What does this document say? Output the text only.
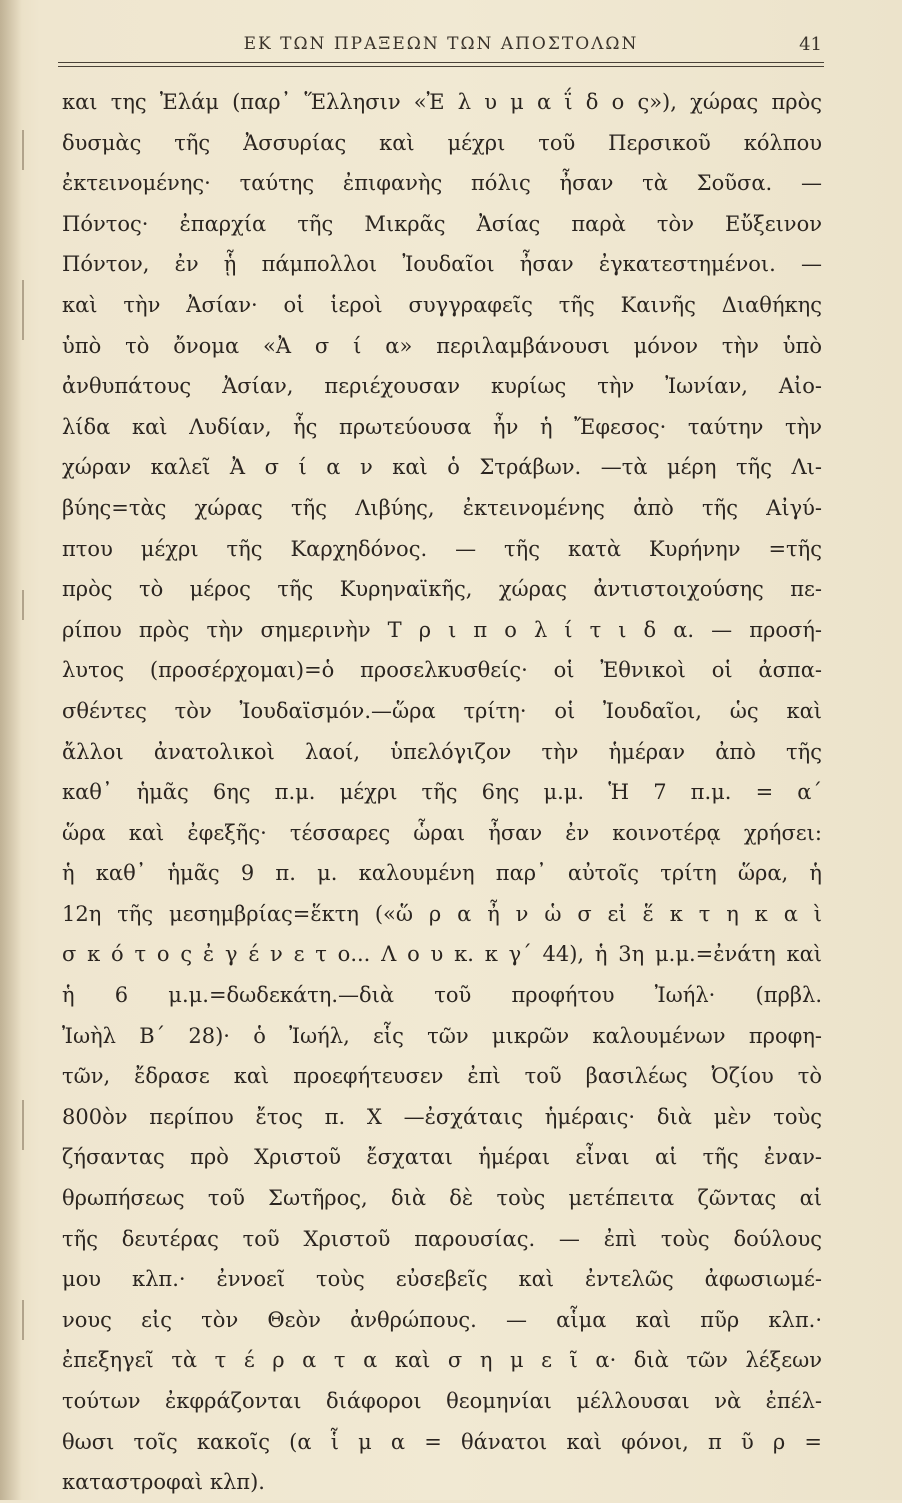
ΕΚ ΤΩΝ ΠΡΑΞΕΩΝ ΤΩΝ ΑΠΟΣΤΟΛΩΝ	41
και της Ἐλάμ (παρ᾽ Ἕλλησιν «Ἐ λ υ μ α ΐ δ ο ς»), χώρας πρὸς
δυσμὰς τῆς Ἀσσυρίας καὶ μέχρι τοῦ Περσικοῦ κόλπου
ἐκτεινομένης· ταύτης ἐπιφανὴς πόλις ἦσαν τὰ Σοῦσα. —
Πόντος· ἐπαρχία τῆς Μικρᾶς Ἀσίας παρὰ τὸν Εὔξεινον
Πόντον, ἐν ᾗ πάμπολλοι Ἰουδαῖοι ἦσαν ἐγκατεστημένοι. —
καὶ τὴν Ἀσίαν· οἱ ἱεροὶ συγγραφεῖς τῆς Καινῆς Διαθήκης
ὑπὸ τὸ ὄνομα «Ἀ σ ί α» περιλαμβάνουσι μόνον τὴν ὑπὸ
ἀνθυπάτους Ἀσίαν, περιέχουσαν κυρίως τὴν Ἰωνίαν, Αἰο-
λίδα καὶ Λυδίαν, ἧς πρωτεύουσα ἦν ἡ Ἔφεσος· ταύτην τὴν
χώραν καλεῖ Ἀ σ ί α ν καὶ ὁ Στράβων. —τὰ μέρη τῆς Λι-
βύης=τὰς χώρας τῆς Λιβύης, ἐκτεινομένης ἀπὸ τῆς Αἰγύ-
πτου μέχρι τῆς Καρχηδόνος. — τῆς κατὰ Κυρήνην =τῆς
πρὸς τὸ μέρος τῆς Κυρηναϊκῆς, χώρας ἀντιστοιχούσης πε-
ρίπου πρὸς τὴν σημερινὴν Τ ρ ι π ο λ ί τ ι δ α. — προσή-
λυτος (προσέρχομαι)=ὁ προσελκυσθείς· οἱ Ἐθνικοὶ οἱ ἀσπα-
σθέντες τὸν Ἰουδαϊσμόν.—ὥρα τρίτη· οἱ Ἰουδαῖοι, ὡς καὶ
ἄλλοι ἀνατολικοὶ λαοί, ὑπελόγιζον τὴν ἡμέραν ἀπὸ τῆς
καθ᾽ ἡμᾶς 6ης π.μ. μέχρι τῆς 6ης μ.μ. Ἡ 7 π.μ. = α΄
ὥρα καὶ ἐφεξῆς· τέσσαρες ὧραι ἦσαν ἐν κοινοτέρᾳ χρήσει:
ἡ καθ᾽ ἡμᾶς 9 π. μ. καλουμένη παρ᾽ αὐτοῖς τρίτη ὥρα, ἡ
12η τῆς μεσημβρίας=ἕκτη («ὥ ρ α ἦ ν ὡ σ εἰ ἕ κ τ η κ α ὶ
σ κ ό τ ο ς ἐ γ έ ν ε τ ο... Λ ο υ κ. κ γ΄ 44), ἡ 3η μ.μ.=ἐνάτη καὶ
ἡ 6 μ.μ.=δωδεκάτη.—διὰ τοῦ προφήτου Ἰωήλ· (πρβλ.
Ἰωὴλ Β΄ 28)· ὁ Ἰωήλ, εἷς τῶν μικρῶν καλουμένων προφη-
τῶν, ἔδρασε καὶ προεφήτευσεν ἐπὶ τοῦ βασιλέως Ὀζίου τὸ
800ὸν περίπου ἔτος π. Χ —ἐσχάταις ἡμέραις· διὰ μὲν τοὺς
ζήσαντας πρὸ Χριστοῦ ἔσχαται ἡμέραι εἶναι αἱ τῆς ἐναν-
θρωπήσεως τοῦ Σωτῆρος, διὰ δὲ τοὺς μετέπειτα ζῶντας αἱ
τῆς δευτέρας τοῦ Χριστοῦ παρουσίας. — ἐπὶ τοὺς δούλους
μου κλπ.· ἐννοεῖ τοὺς εὐσεβεῖς καὶ ἐντελῶς ἀφωσιωμέ-
νους εἰς τὸν Θεὸν ἀνθρώπους. — αἷμα καὶ πῦρ κλπ.·
ἐπεξηγεῖ τὰ τ έ ρ α τ α καὶ σ η μ ε ῖ α· διὰ τῶν λέξεων
τούτων ἐκφράζονται διάφοροι θεομηνίαι μέλλουσαι νὰ ἐπέλ-
θωσι τοῖς κακοῖς (α ἷ μ α = θάνατοι καὶ φόνοι, π ῦ ρ =
καταστροφαὶ κλπ).
